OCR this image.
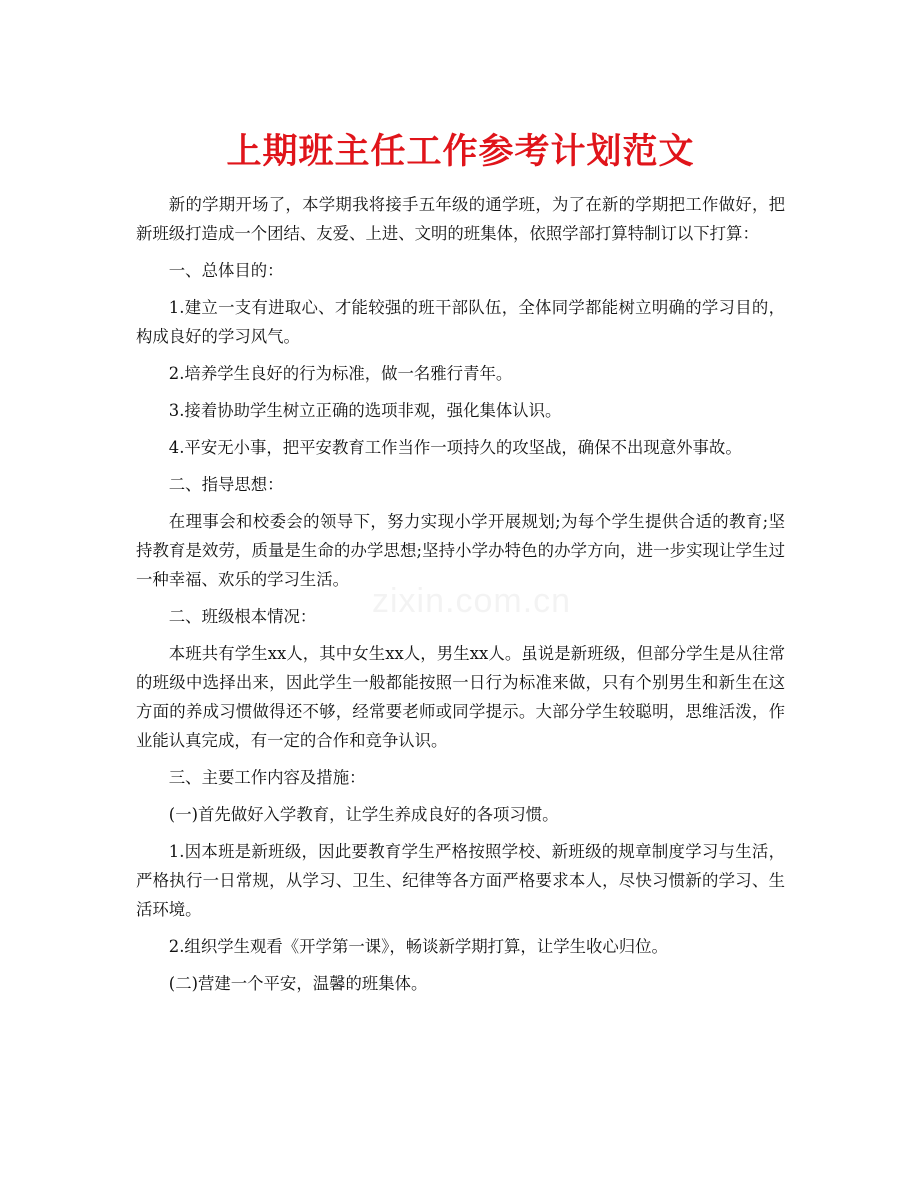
上期班主任工作参考计划范文

新的学期开场了，本学期我将接手五年级的通学班，为了在新的学期把工作做好，把新班级打造成一个团结、友爱、上进、文明的班集体，依照学部打算特制订以下打算：

一、总体目的：

1.建立一支有进取心、才能较强的班干部队伍，全体同学都能树立明确的学习目的，构成良好的学习风气。

2.培养学生良好的行为标准，做一名雅行青年。

3.接着协助学生树立正确的选项非观，强化集体认识。

4.平安无小事，把平安教育工作当作一项持久的攻坚战，确保不出现意外事故。

二、指导思想：

在理事会和校委会的领导下，努力实现小学开展规划;为每个学生提供合适的教育;坚持教育是效劳，质量是生命的办学思想;坚持小学办特色的办学方向，进一步实现让学生过一种幸福、欢乐的学习生活。

二、班级根本情况：

本班共有学生xx人，其中女生xx人，男生xx人。虽说是新班级，但部分学生是从往常的班级中选择出来，因此学生一般都能按照一日行为标准来做，只有个别男生和新生在这方面的养成习惯做得还不够，经常要老师或同学提示。大部分学生较聪明，思维活泼，作业能认真完成，有一定的合作和竞争认识。

三、主要工作内容及措施：

(一)首先做好入学教育，让学生养成良好的各项习惯。

1.因本班是新班级，因此要教育学生严格按照学校、新班级的规章制度学习与生活，严格执行一日常规，从学习、卫生、纪律等各方面严格要求本人，尽快习惯新的学习、生活环境。

2.组织学生观看《开学第一课》，畅谈新学期打算，让学生收心归位。

(二)营建一个平安，温馨的班集体。

zixin.com.cn
